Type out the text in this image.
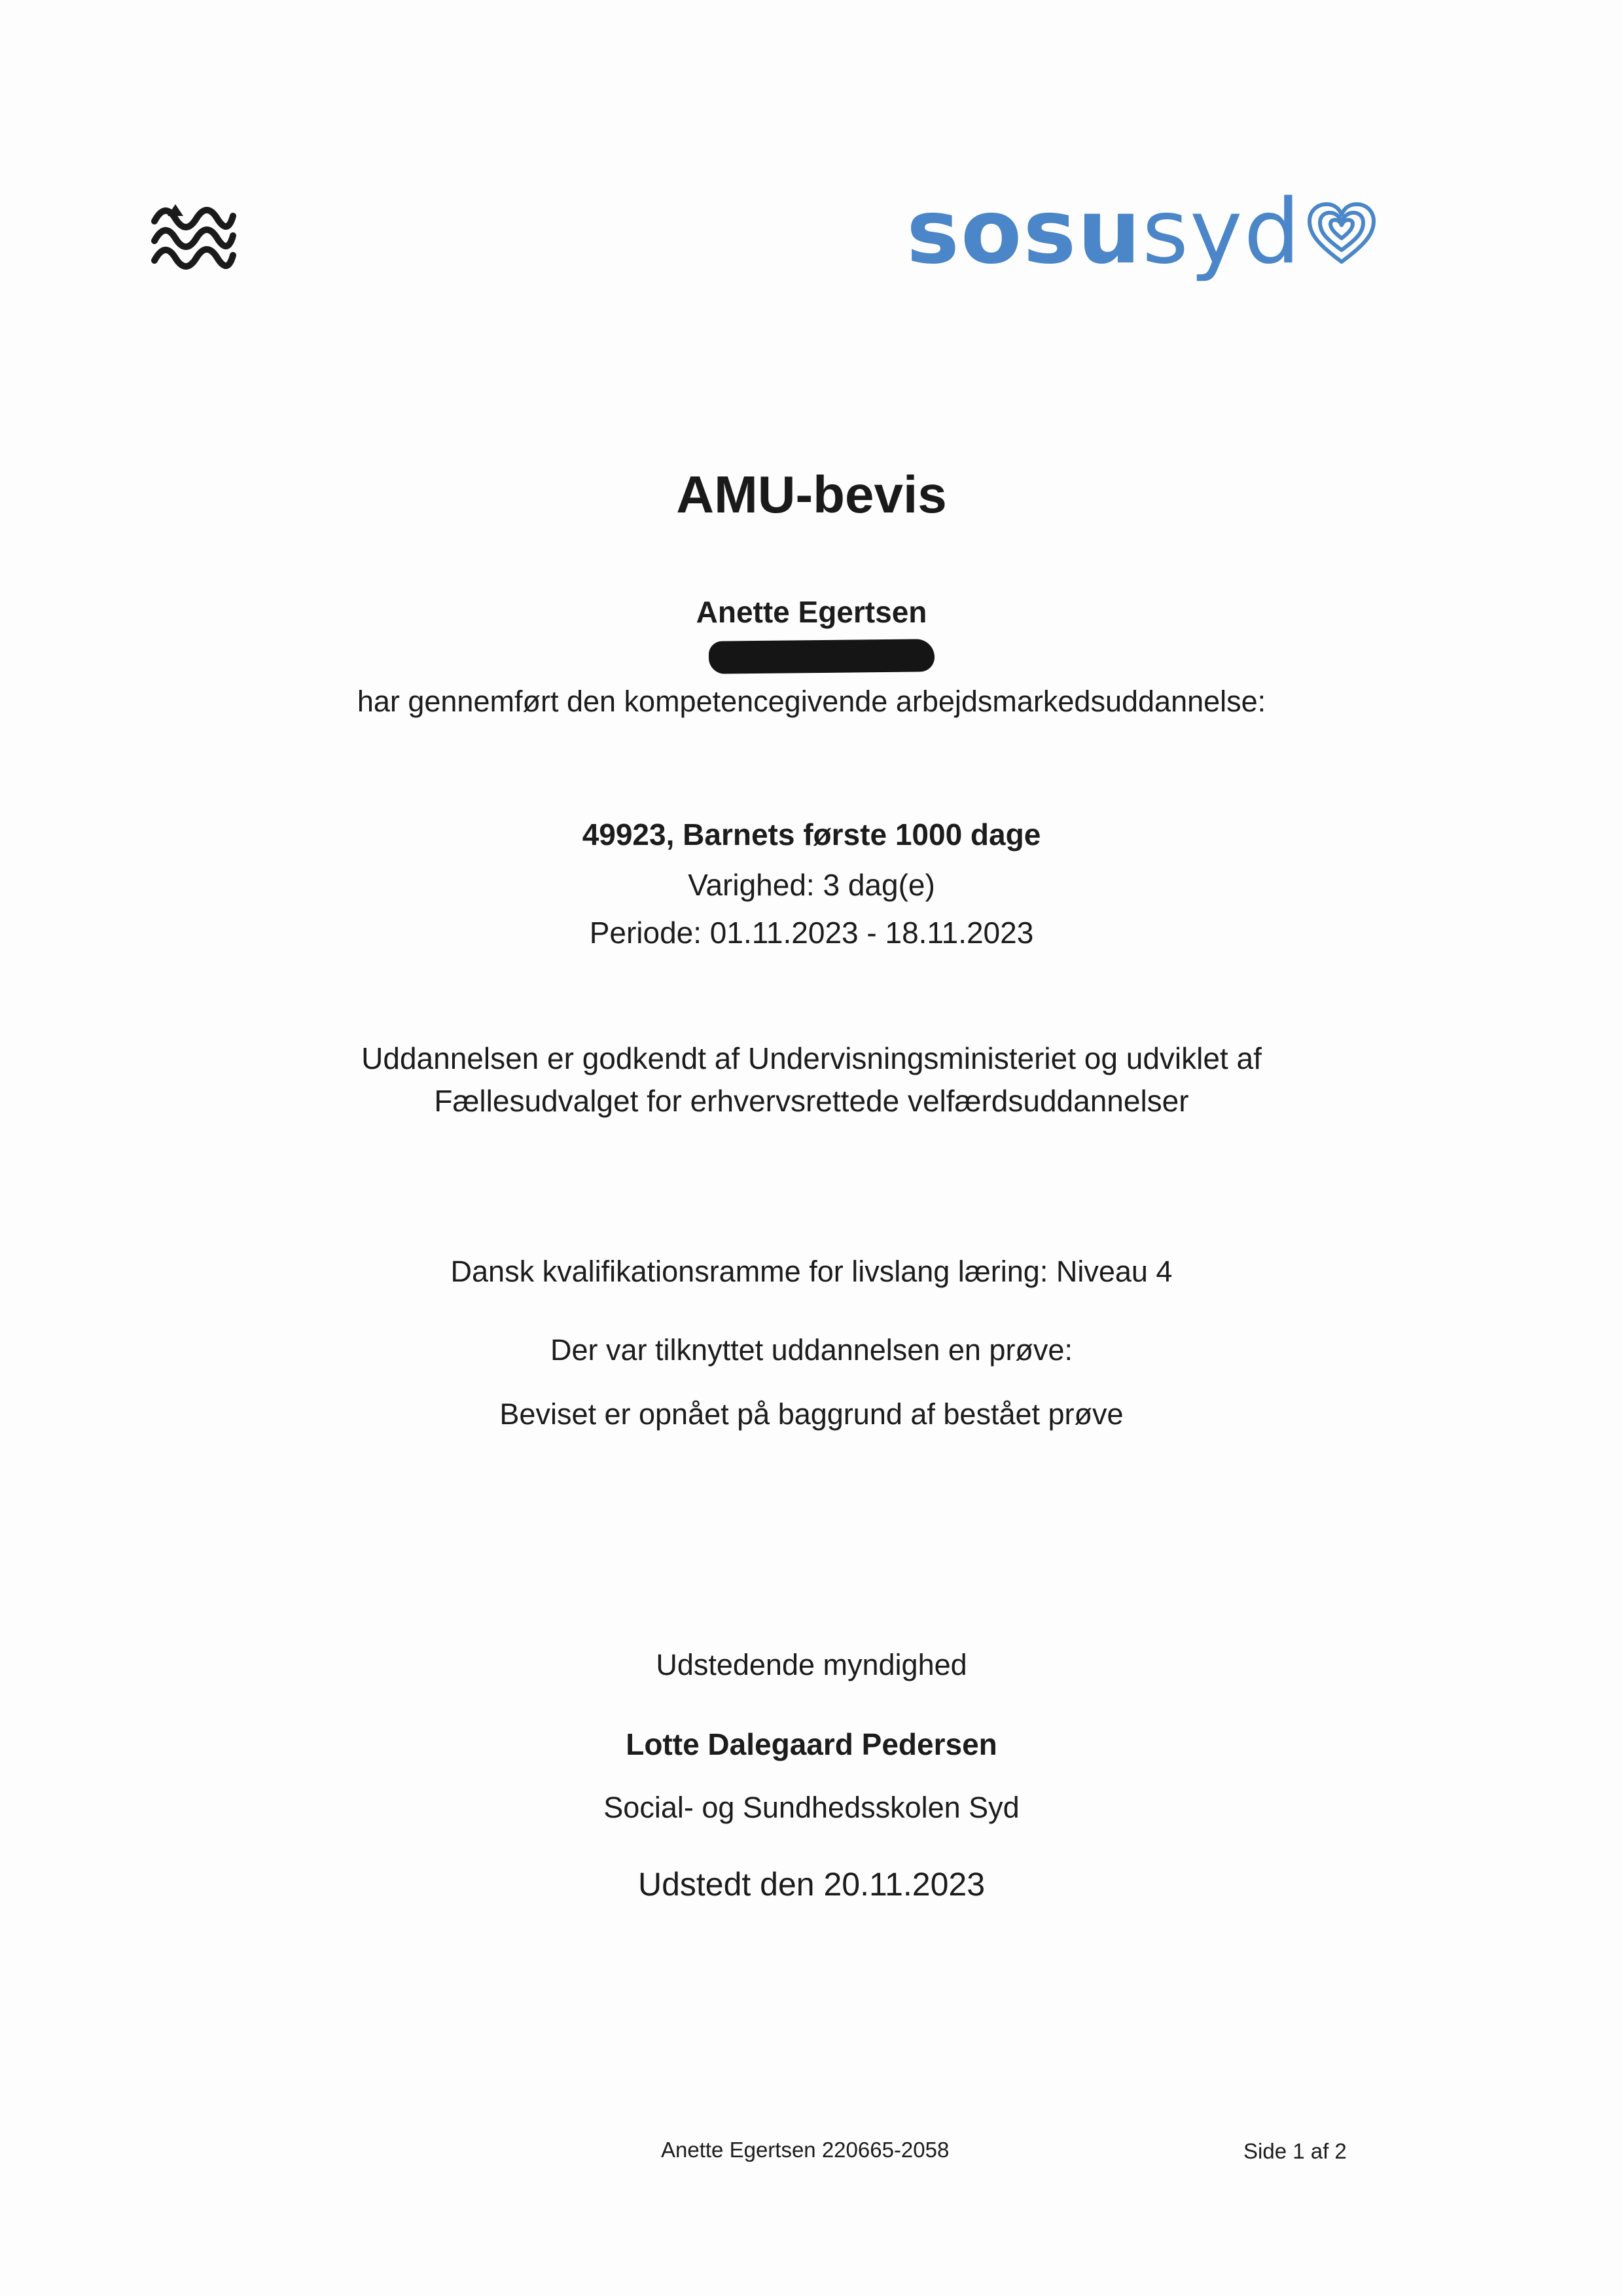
sosu syd
AMU-bevis
Anette Egertsen
har gennemført den kompetencegivende arbejdsmarkedsuddannelse:
49923, Barnets første 1000 dage
Varighed: 3 dag(e)
Periode: 01.11.2023 - 18.11.2023
Uddannelsen er godkendt af Undervisningsministeriet og udviklet af
Fællesudvalget for erhvervsrettede velfærdsuddannelser
Dansk kvalifikationsramme for livslang læring: Niveau 4
Der var tilknyttet uddannelsen en prøve:
Beviset er opnået på baggrund af bestået prøve
Udstedende myndighed
Lotte Dalegaard Pedersen
Social- og Sundhedsskolen Syd
Udstedt den 20.11.2023
Anette Egertsen 220665-2058	Side 1 af 2
